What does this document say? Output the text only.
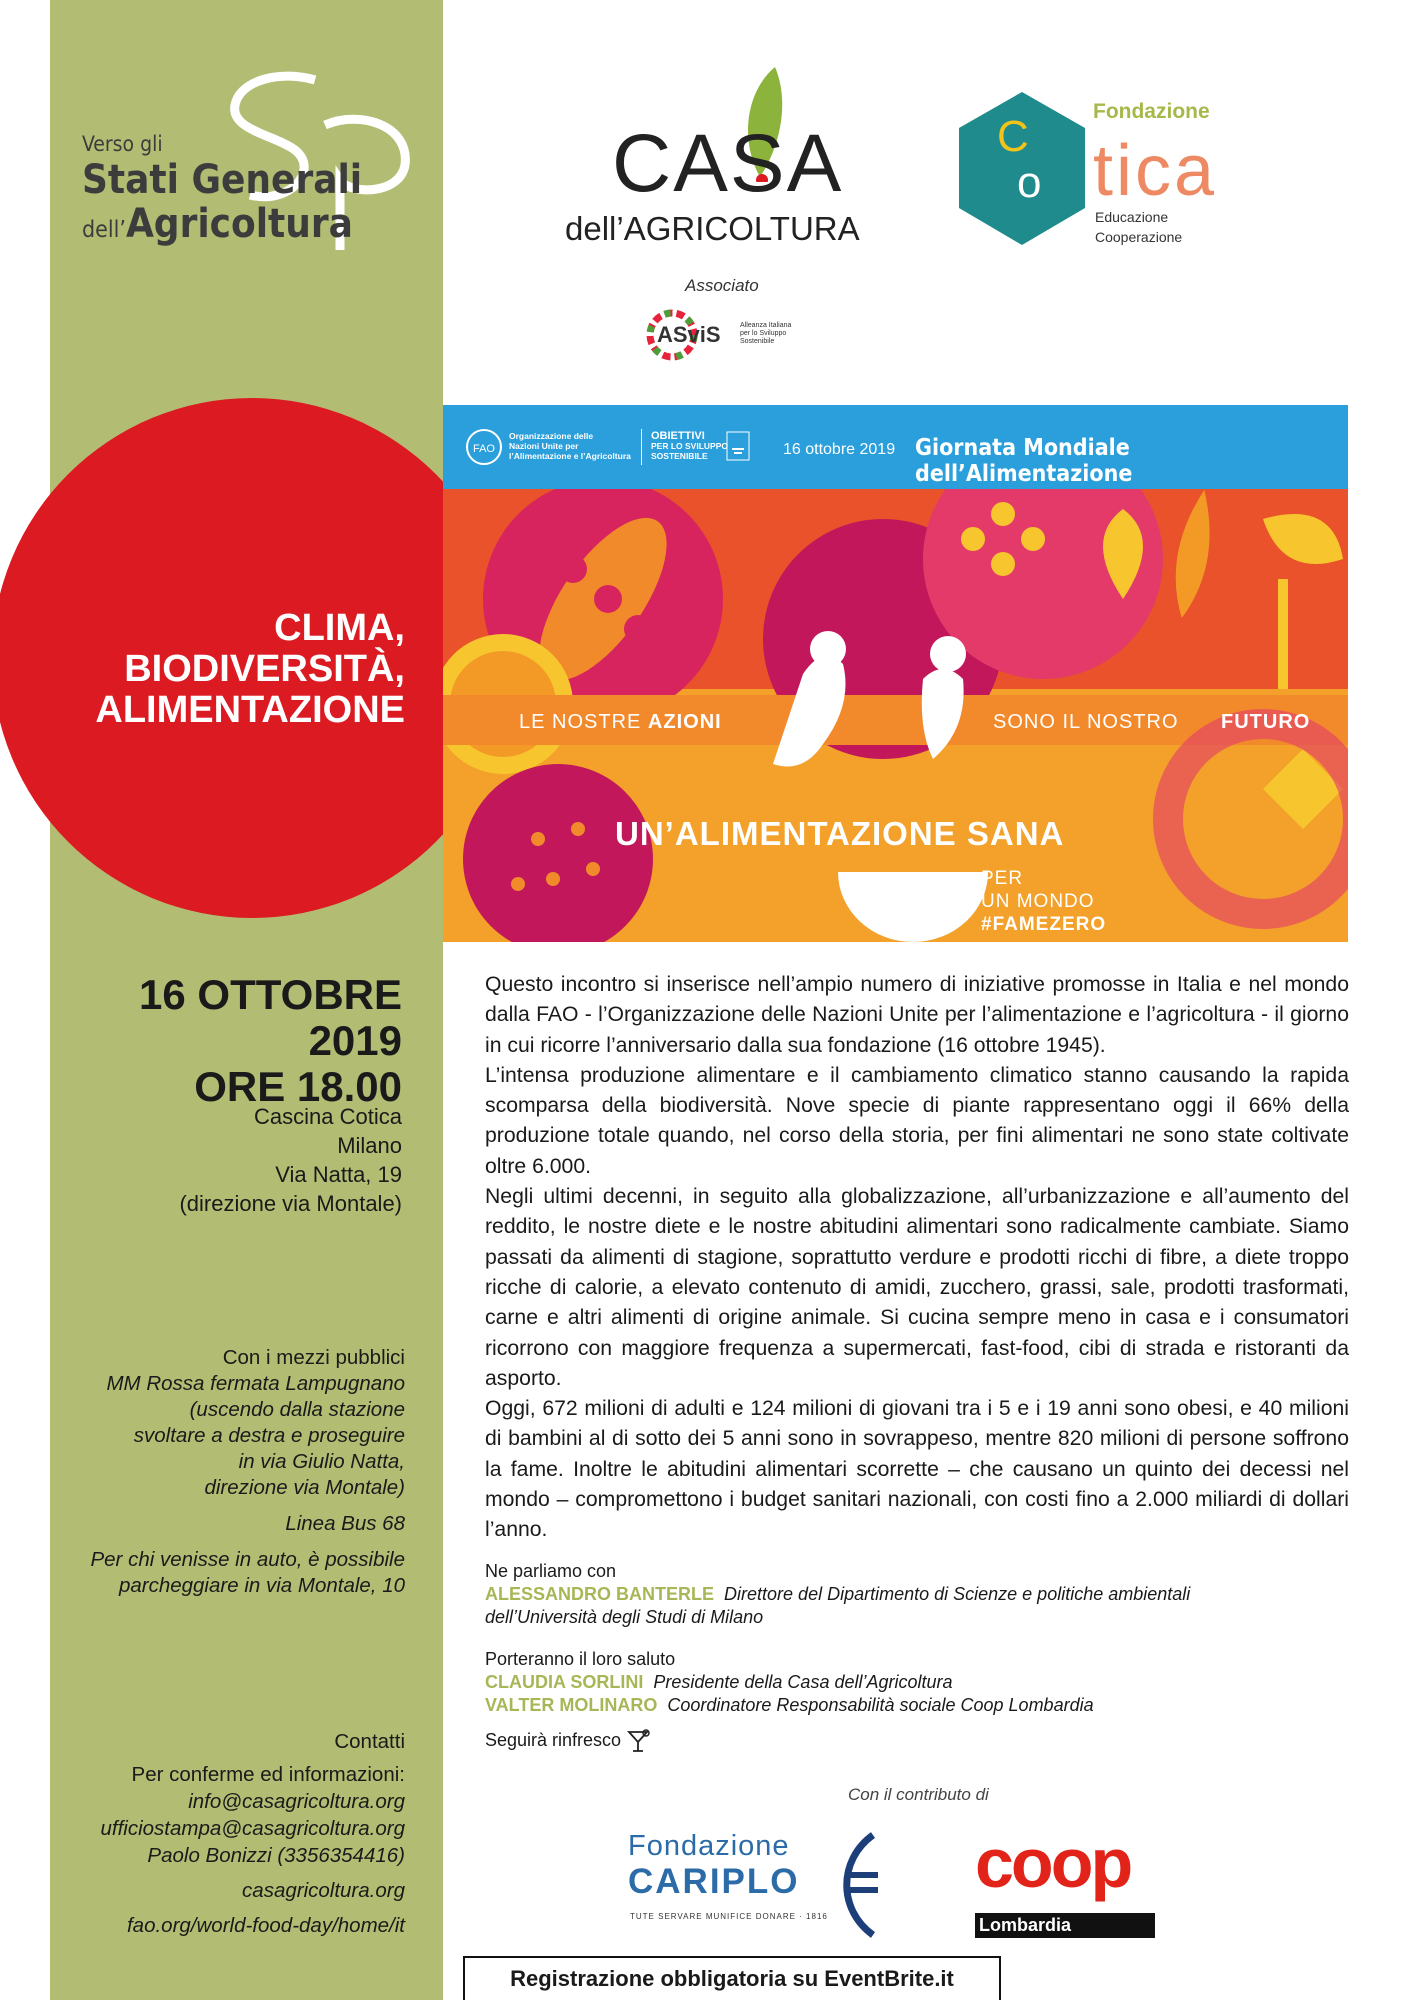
Verso gli
Stati Generali
dell’Agricoltura
CLIMA,
BIODIVERSITÀ,
ALIMENTAZIONE
16 OTTOBRE
2019
ORE 18.00
Cascina Cotica
Milano
Via Natta, 19
(direzione via Montale)
Con i mezzi pubblici
MM Rossa fermata Lampugnano
(uscendo dalla stazione
svoltare a destra e proseguire
in via Giulio Natta,
direzione via Montale)
Linea Bus 68
Per chi venisse in auto, è possibile
parcheggiare in via Montale, 10
Contatti
Per conferme ed informazioni:
info@casagricoltura.org
ufficiostampa@casagricoltura.org
Paolo Bonizzi (3356354416)
casagricoltura.org
fao.org/world-food-day/home/it
CASA
dell’AGRICOLTURA
Associato
ASviS	Alleanza Italiana
per lo Sviluppo
Sostenibile
C
o
Fondazione
tica
Educazione
Cooperazione
FAO
Organizzazione delle
Nazioni Unite per
l’Alimentazione e l’Agricoltura
OBIETTIVI
PER LO SVILUPPO
SOSTENIBILE	16 ottobre 2019 Giornata Mondiale dell’Alimentazione
LE NOSTRE AZIONI	SONO IL NOSTRO FUTURO
UN’ALIMENTAZIONE SANA
PER
UN MONDO
#FAMEZERO

Questo incontro si inserisce nell’ampio numero di iniziative promosse in Italia e nel mondo dalla FAO - l’Organizzazione delle Nazioni Unite per l’alimentazione e l’agricoltura - il giorno in cui ricorre l’anniversario dalla sua fondazione (16 ottobre 1945).

L’intensa produzione alimentare e il cambiamento climatico stanno causando la rapida scomparsa della biodiversità. Nove specie di piante rappresentano oggi il 66% della produzione totale quando, nel corso della storia, per fini alimentari ne sono state coltivate oltre 6.000.

Negli ultimi decenni, in seguito alla globalizzazione, all’urbanizzazione e all’aumento del reddito, le nostre diete e le nostre abitudini alimentari sono radicalmente cambiate. Siamo passati da alimenti di stagione, soprattutto verdure e prodotti ricchi di fibre, a diete troppo ricche di calorie, a elevato contenuto di amidi, zucchero, grassi, sale, prodotti trasformati, carne e altri alimenti di origine animale. Si cucina sempre meno in casa e i consumatori ricorrono con maggiore frequenza a supermercati, fast-food, cibi di strada e ristoranti da asporto.

Oggi, 672 milioni di adulti e 124 milioni di giovani tra i 5 e i 19 anni sono obesi, e 40 milioni di bambini al di sotto dei 5 anni sono in sovrappeso, mentre 820 milioni di persone soffrono la fame. Inoltre le abitudini alimentari scorrette – che causano un quinto dei decessi nel mondo – compromettono i budget sanitari nazionali, con costi fino a 2.000 miliardi di dollari l’anno.

Ne parliamo con
ALESSANDRO BANTERLE Direttore del Dipartimento di Scienze e politiche ambientali
dell’Università degli Studi di Milano
Porteranno il loro saluto
CLAUDIA SORLINI Presidente della Casa dell’Agricoltura
VALTER MOLINARO Coordinatore Responsabilità sociale Coop Lombardia
Seguirà rinfresco
Con il contributo di
Fondazione
CARIPLO
TUTE SERVARE MUNIFICE DONARE · 1816
coop
Lombardia
Registrazione obbligatoria su EventBrite.it
